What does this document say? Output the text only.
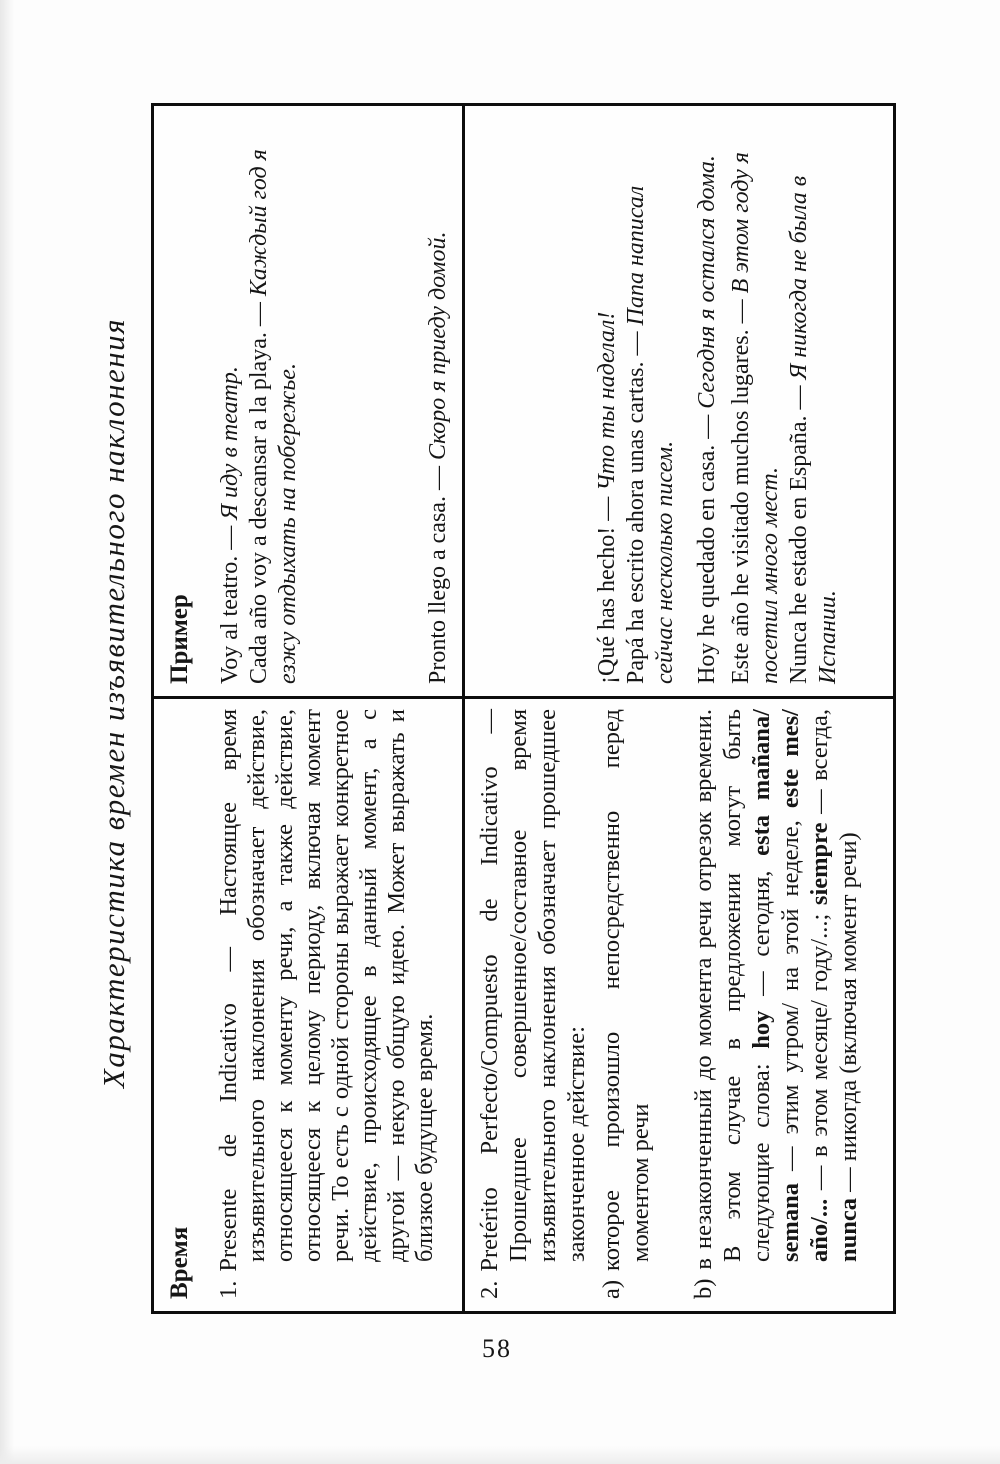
Характеристика времен изъявительного наклонения
Время
Пример

1.Presente de Indicativo — Настоящее время изъявительного наклонения обозначает действие, относящееся к моменту речи, а также действие, относящееся к целому периоду, включая момент речи. То есть с одной стороны выражает конкретное действие, происходящее в данный момент, а с другой — некую общую идею. Может выражать и близкое будущее время.

Voy al teatro. — Я иду в театр. Cada año voy a descansar a la playa. — Каждый год я езжу отдыхать на побережье.	Pronto llego a casa. — Скоро я приеду домой.

2.Pretérito Perfecto/Compuesto de Indicativo — Прошедшее совершенное/составное время изъявительного наклонения обозначает прошедшее законченное действие:

a)которое произошло непосредственно перед моментом речи

b)в незаконченный до момента речи отрезок времени. В этом случае в предложении могут быть следующие слова: hoy — сегодня, esta mañana/ semana — этим утром/ на этой неделе, este mes/ año/... — в этом месяце/ году/...; siempre — всегда, nunca — никогда (включая момент речи)

¡Qué has hecho! — Что ты наделал! Papá ha escrito ahora unas cartas. — Папа написал сейчас несколько писем. Hoy he quedado en casa. — Сегодня я остался дома.

Este año he visitado muchos lugares. — В этом году я посетил много мест. Nunca he estado en España. — Я никогда не была в Испании.

58
